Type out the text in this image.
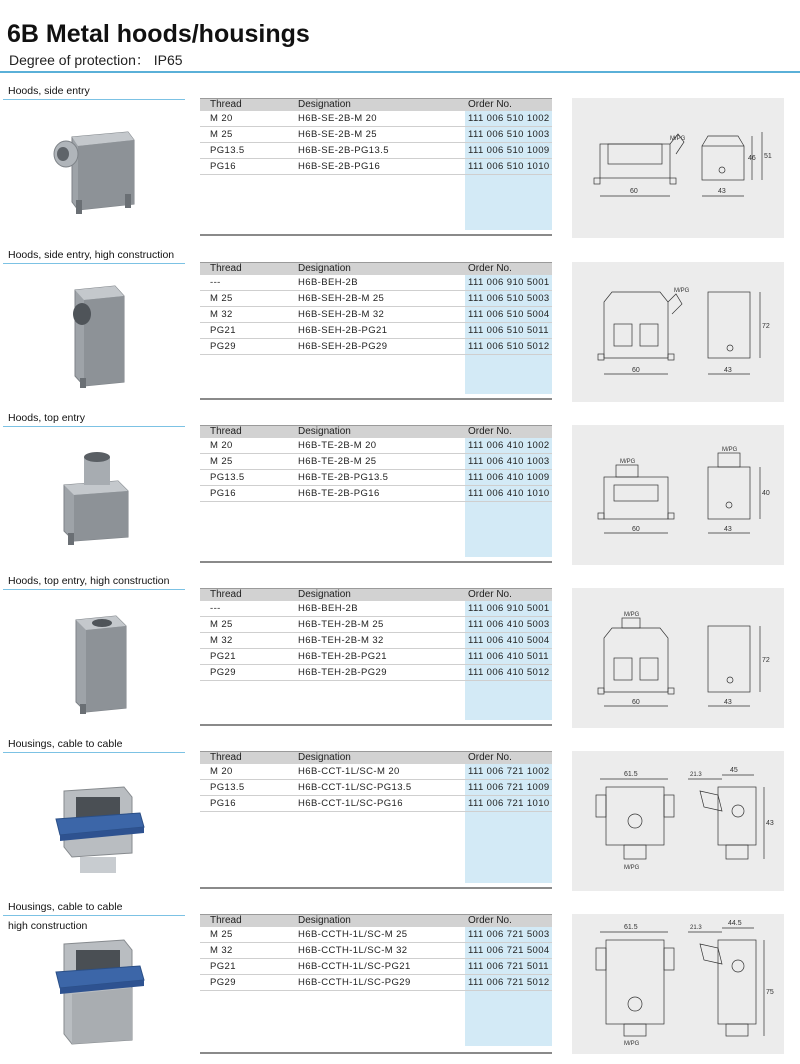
6B Metal hoods/housings
Degree of protection： IP65
Hoods, side entry
Thread	Designation	Order No.
M 20	H6B-SE-2B-M 20	111 006 510 1002
M 25	H6B-SE-2B-M 25	111 006 510 1003
PG13.5	H6B-SE-2B-PG13.5	111 006 510 1009
PG16	H6B-SE-2B-PG16	111 006 510 1010
60
M/PG
43
46 51
Hoods, side entry, high construction
Thread	Designation	Order No.
---	H6B-BEH-2B	111 006 910 5001
M 25	H6B-SEH-2B-M 25	111 006 510 5003
M 32	H6B-SEH-2B-M 32	111 006 510 5004
PG21	H6B-SEH-2B-PG21	111 006 510 5011
PG29	H6B-SEH-2B-PG29	111 006 510 5012
60
M/PG
43
72
Hoods, top entry
Thread	Designation	Order No.
M 20	H6B-TE-2B-M 20	111 006 410 1002
M 25	H6B-TE-2B-M 25	111 006 410 1003
PG13.5	H6B-TE-2B-PG13.5	111 006 410 1009
PG16	H6B-TE-2B-PG16	111 006 410 1010
60
M/PG
43
M/PG
40
Hoods, top entry, high construction
Thread	Designation	Order No.
---	H6B-BEH-2B	111 006 910 5001
M 25	H6B-TEH-2B-M 25	111 006 410 5003
M 32	H6B-TEH-2B-M 32	111 006 410 5004
PG21	H6B-TEH-2B-PG21	111 006 410 5011
PG29	H6B-TEH-2B-PG29	111 006 410 5012
60
M/PG
43
72
Housings, cable to cable
Thread	Designation	Order No.
M 20	H6B-CCT-1L/SC-M 20	111 006 721 1002
PG13.5	H6B-CCT-1L/SC-PG13.5	111 006 721 1009
PG16	H6B-CCT-1L/SC-PG16	111 006 721 1010
61.5
M/PG
21.3
45
43
Housings, cable to cable
high construction	Thread	Designation	Order No.
M 25	H6B-CCTH-1L/SC-M 25	111 006 721 5003
M 32	H6B-CCTH-1L/SC-M 32	111 006 721 5004
PG21	H6B-CCTH-1L/SC-PG21	111 006 721 5011
PG29	H6B-CCTH-1L/SC-PG29	111 006 721 5012
61.5
M/PG
21.3
44.5
75
